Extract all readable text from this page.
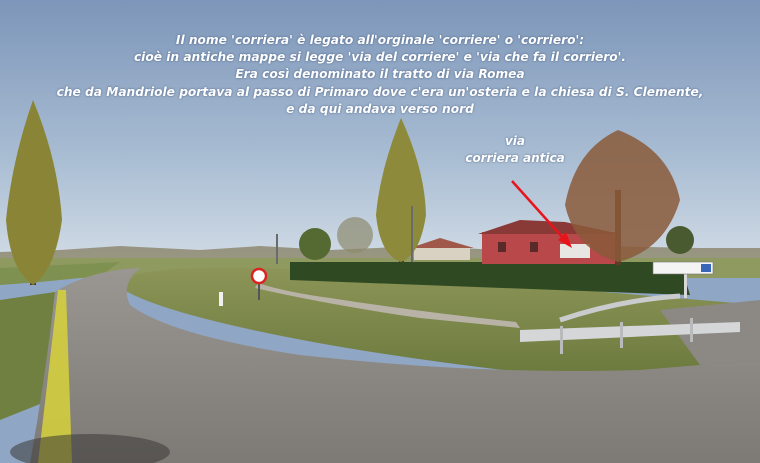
Il nome 'corriera' è legato all'orginale 'corriere' o 'corriero':
cioè in antiche mappe si legge 'via del corriere' e 'via che fa il corriero'.
Era così denominato il tratto di via Romea
che da Mandriole portava al passo di Primaro dove c'era un'osteria e la chiesa di S. Clemente,
e da qui andava verso nord
via
corriera antica
